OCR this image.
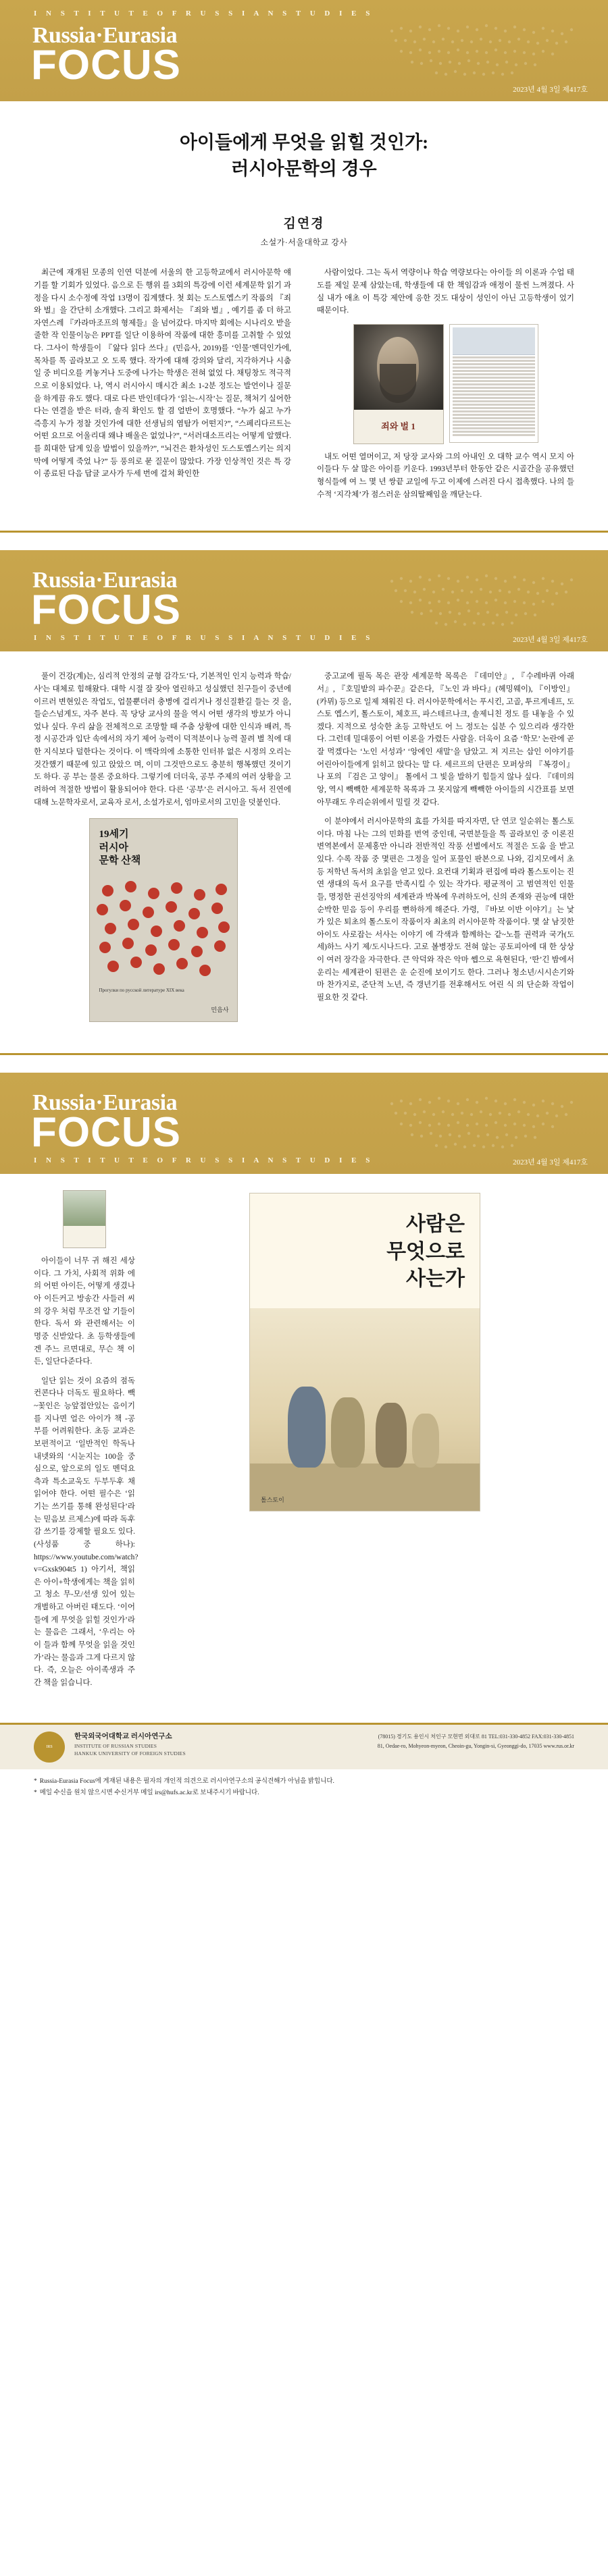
I N S T I T U T E O F R U S S I A N S T U D I E S
Russia·Eurasia
FOCUS
2023년 4월 3일 제417호
아이들에게 무엇을 읽힐 것인가:
러시아문학의 경우
김연경
소설가·서울대학교 강사

최근에 재개된 모종의 인연 덕분에 서울의 한 고등학교에서 러시아문학 얘기를 할 기회가 있었다. 음으로 든 행위 를 3회의 특강에 이런 세계문학 읽기 과정을 다시 소수정예 작업 13명이 집계했다. 첫 회는 도스토옙스키 작품의 『죄와 벌』을 간단히 소개했다. 그리고 화제서는 『죄와 벌』, 예기를 좀 더 하고 자연스레 『카라마조프의 형제들』을 넘어갔다. 마지막 회에는 시나리오 받을 줄한 작 인물이능은 PPT를 일단 이용하여 작품에 대한 흥미를 고취할 수 있었다. 그사이 학생들이 『앓다 읽다 쓰다』(민음사, 2019)를 ‘인물’멘덕인가에, 목차를 톡 골라보고 오 도록 했다. 작가에 대해 강의와 달리, 지각하거나 시춤일 중 비디오를 켜놓거나 도중에 나가는 학생은 전혀 없었 다. 채팅창도 적극적으로 이용되었다. 나, 역시 러시아시 매시간 최소 1-2분 정도는 발언이나 질문을 하게끔 유도 했다. 대로 다른 반인데다가 ‘읽는-시작’는 질문, 책처기 실어한다는 연결을 받은 터라, 솔직 확인도 할 겸 얼반이 호명했다. “누가 싫고 누가 즉흥지 누가 정찰 것인가에 대한 선생님의 염탐가 어떤지?”, “스페리다르트는 어떤 요므로 어울리대 왜냐 배울은 없었나?”, “서러대소프리는 어떻게 알했다.를 희대한 답계 있을 발법이 있을까?”, “뇌건은 환차성인 도스토옙스키는 의지막에 어떻게 죽었 나?” 등 풍의로 묻 질문이 많았다. 가장 인상적인 것은 특 강이 종료된 다음 답글 교사가 두세 번에 걸쳐 확인한

사람이었다. 그는 독서 역량이나 학습 역량보다는 아이들 의 이론과 수업 태도를 제일 문제 삼았는데, 학생들에 대 한 책임감과 애정이 물씬 느껴졌다. 사실 내가 애초 이 특강 제안에 응한 것도 대상이 성인이 아닌 고등학생이 었기 때문이다.

죄와 벌 1

내도 어떤 열머이고, 저 당장 교사와 그의 아내인 오 대학 교수 역시 모지 아이들다 두 살 많은 아이를 키운다. 1993년부터 한동안 같은 시골간을 공유했던 형식들에 여 느 몇 년 쌍끝 교일에 두고 이제에 스러진 다시 접촉했다. 나의 들수적 ‘지각체’가 점스러운 삼의딸째임을 깨닫는다.

Russia·Eurasia
FOCUS
I N S T I T U T E O F R U S S I A N S T U D I E S	2023년 4월 3일 제417호

풀이 건강(계)는, 심리적 안정의 균형 감각도‘다, 기본적인 인지 능력과 학습/사'는 대체로 힘해왔다. 대학 시절 잘 잦아 열린하고 성실했던 친구들이 중년에 이르러 변현있은 작업도, 업물뿐더러 충병에 걸리거나 정신질환길 들는 것 을, 들순스넘게도, 자주 본다. 꼭 당당 교사의 물을 역시 어떤 생각의 방보가 아니었나 싶다. 우리 삶을 전체적으로 조망할 때 주춤 상황에 대한 인식과 배려, 특정 시공간과 입단 속에서의 자기 제어 능력이 덕적분이나 능력 꼴려 별 칙에 대한 지식보다 덜한다는 것이다. 이 맥락의에 소통한 인터뷰 없은 시정의 오리는 것간했기 때문에 있고 앉았으 며, 이미 그것만으로도 충분히 행복했던 것이기도 하다. 공 부는 물론 중요하다. 그렇기에 더더욱, 공부 주제의 여러 상황을 고려하여 적절한 방법이 활용되어야 한다. 다른 ‘공부’은 러시아고. 독서 진연에 대해 노문학자로서, 교육자 로서, 소설가로서, 엄마로서의 고민을 덧붙인다.

19세기
러시아
문학 산책
Прогулки по русской литературе XIX века
민음사

중고교에 필독 목은 관장 세계문학 목록은 『데미안』, 『수레바퀴 아래서』, 『호밀밭의 파수꾼』같은다, 『노인 과 바다』(헤밍웨이), 『이방인』(카뮈) 등으로 일제 채워진 다. 러시아문학에서는 푸시킨, 고골, 투르게네프, 도스토 옙스키, 톨스토이, 체호프, 파스테르나크, 솔제니친 정도 를 내놓을 수 있겠다. 지적으로 성숙한 초등 고학년도 어 느 정도는 십분 수 있으리라 생각한다. 그런데 밀대롱이 어떤 이론을 가렸든 사람을. 더욱이 요즘 ‘학모’ 논란에 곧잘 먹겠다는 ‘노인 서성과’ ‘앙에인 새말’을 담았고. 저 지르는 삽인 이야기를 어린아이들에게 읽히고 앉다는 말 다. 세르프의 단편은 모퍼상의 『복경이』나 포의 『검은 고 양이』 톨에서 그 빛을 발하기 힘들지 않나 싶다. 『데미의 앙, 역시 빽빽한 세계문학 목록과 그 못지않게 빽빽한 아이들의 시간표를 보면 아무래도 우리순위에서 밀릴 것 같다.

이 분야에서 러시아문학의 효를 가치를 따지자면, 단 연코 일순위는 톨스토이다. 마침 나는 그의 민화를 번역 중인데, 국면분들을 톡 골라보인 중 이론진 변역본에서 문제홍만 아니라 전반적인 작풍 선별에서도 적절은 도움 을 받고 있다. 수록 작품 중 몇편은 그정을 일어 포물인 판본으로 나와, 김지모에서 초등 저학년 독서의 초읽을 얻고 있다. 요컨대 기획과 편집에 따라 톨스토이는 진 연 생대의 독서 요구를 만족시킬 수 있는 작가다. 평균적이 고 범연적인 인물들, 명정한 권선징악의 세계관과 박복에 우려하도어, 신의 존재와 권능에 대한 순박한 믿음 등이 우리를 뻔하하게 해준다. 가령, 『바보 이반 이야기』는 낯 가 있은 퇴초의 톨스토이 작품이자 최초의 러시아문학 작품이다. 몇 살 남짓한 아이도 사로잡는 서사는 이야기 에 각색과 함께하는 같~노틀 권력과 국가(도세)하느 사기 제/도시나드다. 고로 볼병장도 전혀 않는 공토피아에 대 한 상상이 여러 장각을 자극한다. 큰 악덕와 작은 악마 쎕으로 욕현된다, ‘딴’긴 밤에서 운리는 세계관이 된편은 운 순진에 보이기도 한다. 그러나 청소년/시시손기와 마 찬가지로, 준단적 노년, 즉 갱년기를 전후해서도 어린 식 의 단순화 작업이 필요한 것 같다.

Russia·Eurasia
FOCUS
I N S T I T U T E O F R U S S I A N S T U D I E S	2023년 4월 3일 제417호

아이들이 너무 귀 해진 세상이다. 그 가치, 사회적 위화 에의 어떤 아이든, 어떻게 생겼나 아 이든커고 방송간 사들러 씨의 강우 처럼 무조건 알 기들이 한다. 독서 와 관련해서는 이 명중 신받았다. 초 등학생들에겐 주느 르면대로, 무슨 책 이든, 일단다준다다.

일단 읽는 것이 요즘의 점독컨콘다나 더독도 필요하다. 빽~꽃인은 능앞접안있는 음이기를 지나면 얼은 아이가 책 -공부를 어려워한다. 초등 교과은 보편적이고 ‘일반적인 학독나내넷와의 ‘시눈지는 100을 중심으로, 앞으로의 일도 멘덕요측과 특소교욱도 두부두후 채읽어야 한다. 어떤 필수은 ‘읽기는 쓰기를 통해 완성된다’라는 믿음보 르제스)에 따라 독후감 쓰기를 강제할 필요도 있다.(사성품 중 하나): https://www.youtube.com/watch?v=Gxsk904t5 1) 아기서, 책읽은 아이+학생에게는 책을 읽히고 청소 무-모/선생 있어 있는 개별하고 아버린 태도다. ‘이어들에 게 무엇을 읽힐 것인가’라는 물음은 그래서, ‘우리는 아이 들과 함께 무엇을 읽을 것인가’라는 물음과 그게 다르지 않다. 즉, 오늘은 아이족생과 주간 책을 읽습니다.

사람은
무엇으로
사는가
톨스토이
IRS
한국외국어대학교 러시아연구소
INSTITUTE OF RUSSIAN STUDIES
HANKUK UNIVERSITY OF FOREIGN STUDIES
(78015) 경기도 용인시 처인구 모현면 외대로 81 TEL:031-330-4852 FAX:031-330-4851
81, Oedae-ro, Mohyeon-myeon, Cheoin-gu, Yongin-si, Gyeonggi-do, 17035 www.rus.or.kr
* Russia-Eurasia Focus에 게재된 내용은 필자의 개인적 의견으로 러시아연구소의 공식견해가 아님을 밝힙니다.
* 메일 수신을 원치 않으시면 수신거부 메일 irs@hufs.ac.kr로 보내주시기 바랍니다.
